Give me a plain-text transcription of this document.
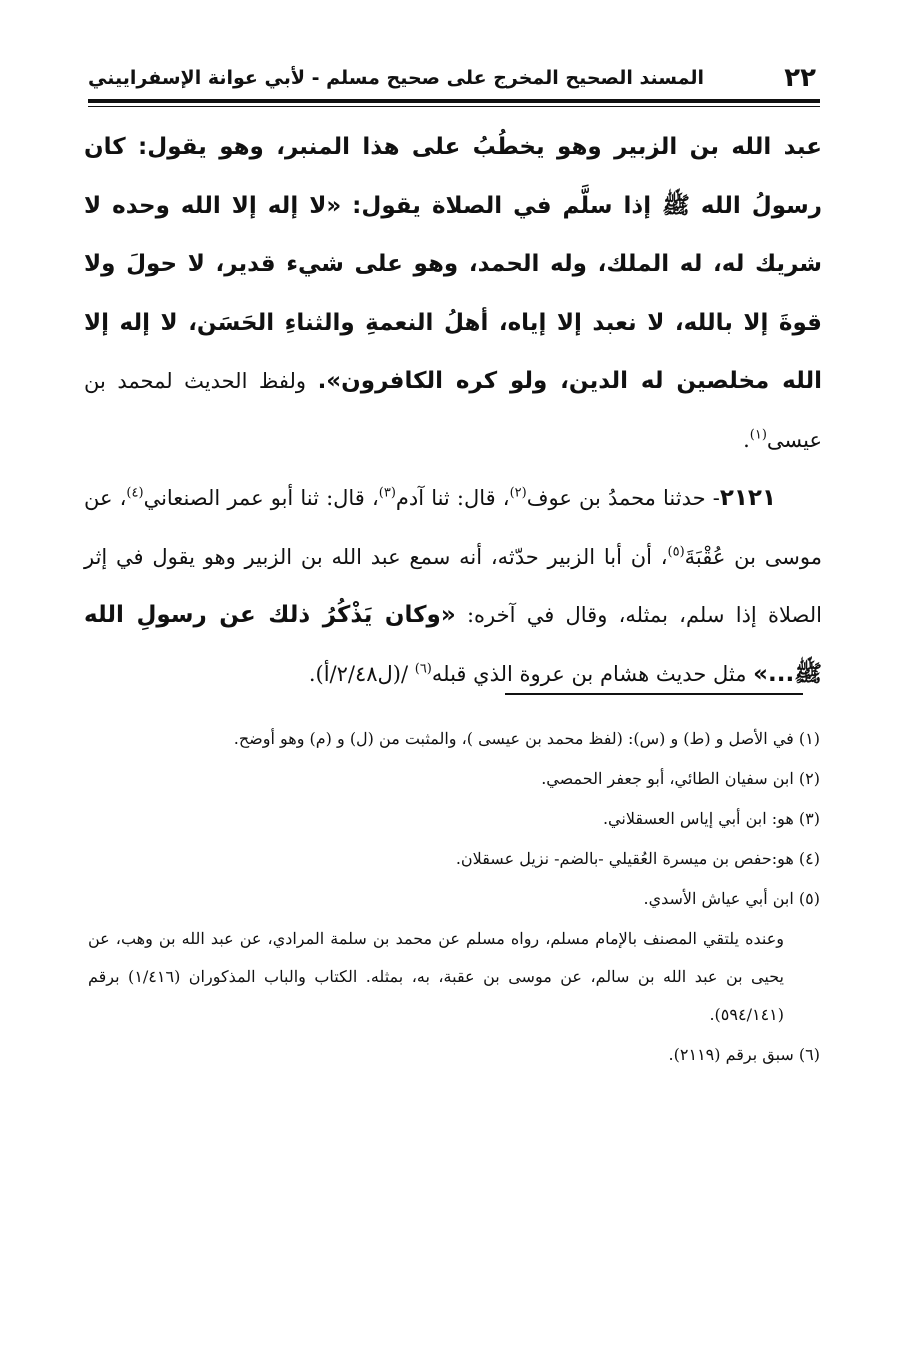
٢٢
المسند الصحيح المخرج على صحيح مسلم - لأبي عوانة الإسفراييني

عبد الله بن الزبير وهو يخطُبُ على هذا المنبر، وهو يقول: كان رسولُ الله ﷺ إذا سلَّم في الصلاة يقول: «لا إله إلا الله وحده لا شريك له، له الملك، وله الحمد، وهو على شيء قدير، لا حولَ ولا قوةَ إلا بالله، لا نعبد إلا إياه، أهلُ النعمةِ والثناءِ الحَسَن، لا إله إلا الله مخلصين له الدين، ولو كره الكافرون». ولفظ الحديث لمحمد بن عيسى$^{(١)}$.

  ٢١٢١- حدثنا محمدُ بن عوف$^{(٢)}$، قال: ثنا آدم$^{(٣)}$، قال: ثنا أبو عمر الصنعاني$^{(٤)}$، عن موسى بن عُقْبَةَ$^{(٥)}$، أن أبا الزبير حدّثه، أنه سمع عبد الله بن الزبير وهو يقول في إثر الصلاة إذا سلم، بمثله، وقال في آخره: «وكان يَذْكُرُ ذلك عن رسولِ الله ﷺ...» مثل حديث هشام بن عروة الذي قبله$^{(٦)}$ /(ل٢/٤٨/أ).

(١) في الأصل و (ط) و (س): (لفظ محمد بن عيسى )، والمثبت من (ل) و (م) وهو أوضح.

(٢) ابن سفيان الطائي، أبو جعفر الحمصي.

(٣) هو: ابن أبي إياس العسقلاني.

(٤) هو:حفص بن ميسرة العُقيلي -بالضم- نزيل عسقلان.

(٥) ابن أبي عياش الأسدي.

وعنده يلتقي المصنف بالإمام مسلم، رواه مسلم عن محمد بن سلمة المرادي، عن عبد الله بن وهب، عن يحيى بن عبد الله بن سالم، عن موسى بن عقبة، به، بمثله. الكتاب والباب المذكوران (١/٤١٦) برقم (٥٩٤/١٤١).

(٦) سبق برقم (٢١١٩).
